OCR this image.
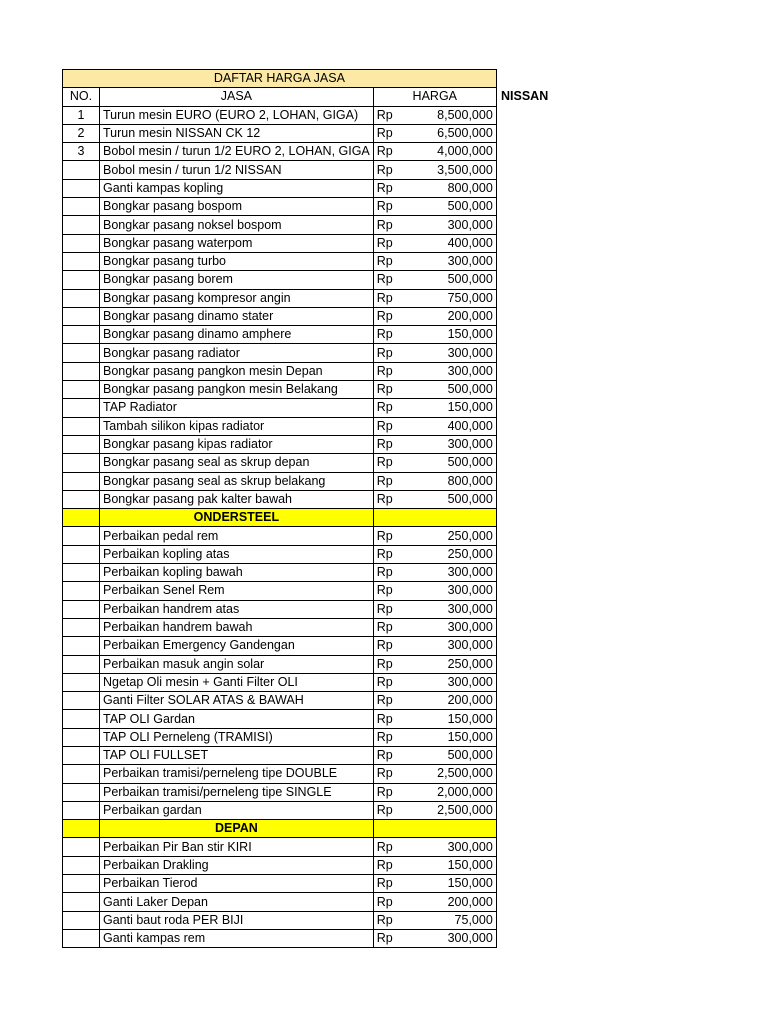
NISSAN
DAFTAR HARGA JASA			
NO.	JASA	HARGA	
1	Turun mesin EURO (EURO 2, LOHAN, GIGA)	Rp	8,500,000
2	Turun mesin NISSAN CK 12	Rp	6,500,000
3	Bobol mesin / turun 1/2 EURO 2, LOHAN, GIGA	Rp	4,000,000
	Bobol mesin / turun 1/2 NISSAN	Rp	3,500,000
	Ganti kampas kopling	Rp	800,000
	Bongkar pasang bospom	Rp	500,000
	Bongkar pasang noksel bospom	Rp	300,000
	Bongkar pasang waterpom	Rp	400,000
	Bongkar pasang turbo	Rp	300,000
	Bongkar pasang borem	Rp	500,000
	Bongkar pasang kompresor angin	Rp	750,000
	Bongkar pasang dinamo stater	Rp	200,000
	Bongkar pasang dinamo amphere	Rp	150,000
	Bongkar pasang radiator	Rp	300,000
	Bongkar pasang pangkon mesin Depan	Rp	300,000
	Bongkar pasang pangkon mesin Belakang	Rp	500,000
	TAP Radiator	Rp	150,000
	Tambah silikon kipas radiator	Rp	400,000
	Bongkar pasang kipas radiator	Rp	300,000
	Bongkar pasang seal as skrup depan	Rp	500,000
	Bongkar pasang seal as skrup belakang	Rp	800,000
	Bongkar pasang pak kalter bawah	Rp	500,000
	ONDERSTEEL		
	Perbaikan pedal rem	Rp	250,000
	Perbaikan kopling atas	Rp	250,000
	Perbaikan kopling bawah	Rp	300,000
	Perbaikan Senel Rem	Rp	300,000
	Perbaikan handrem atas	Rp	300,000
	Perbaikan handrem bawah	Rp	300,000
	Perbaikan Emergency Gandengan	Rp	300,000
	Perbaikan masuk angin solar	Rp	250,000
	Ngetap Oli mesin + Ganti Filter OLI	Rp	300,000
	Ganti Filter SOLAR ATAS & BAWAH	Rp	200,000
	TAP OLI Gardan	Rp	150,000
	TAP OLI Perneleng (TRAMISI)	Rp	150,000
	TAP OLI FULLSET	Rp	500,000
	Perbaikan tramisi/perneleng tipe DOUBLE	Rp	2,500,000
	Perbaikan tramisi/perneleng tipe SINGLE	Rp	2,000,000
	Perbaikan gardan	Rp	2,500,000
	DEPAN		
	Perbaikan Pir Ban stir KIRI	Rp	300,000
	Perbaikan Drakling	Rp	150,000
	Perbaikan Tierod	Rp	150,000
	Ganti Laker Depan	Rp	200,000
	Ganti baut roda PER BIJI	Rp	75,000
	Ganti kampas rem	Rp	300,000
